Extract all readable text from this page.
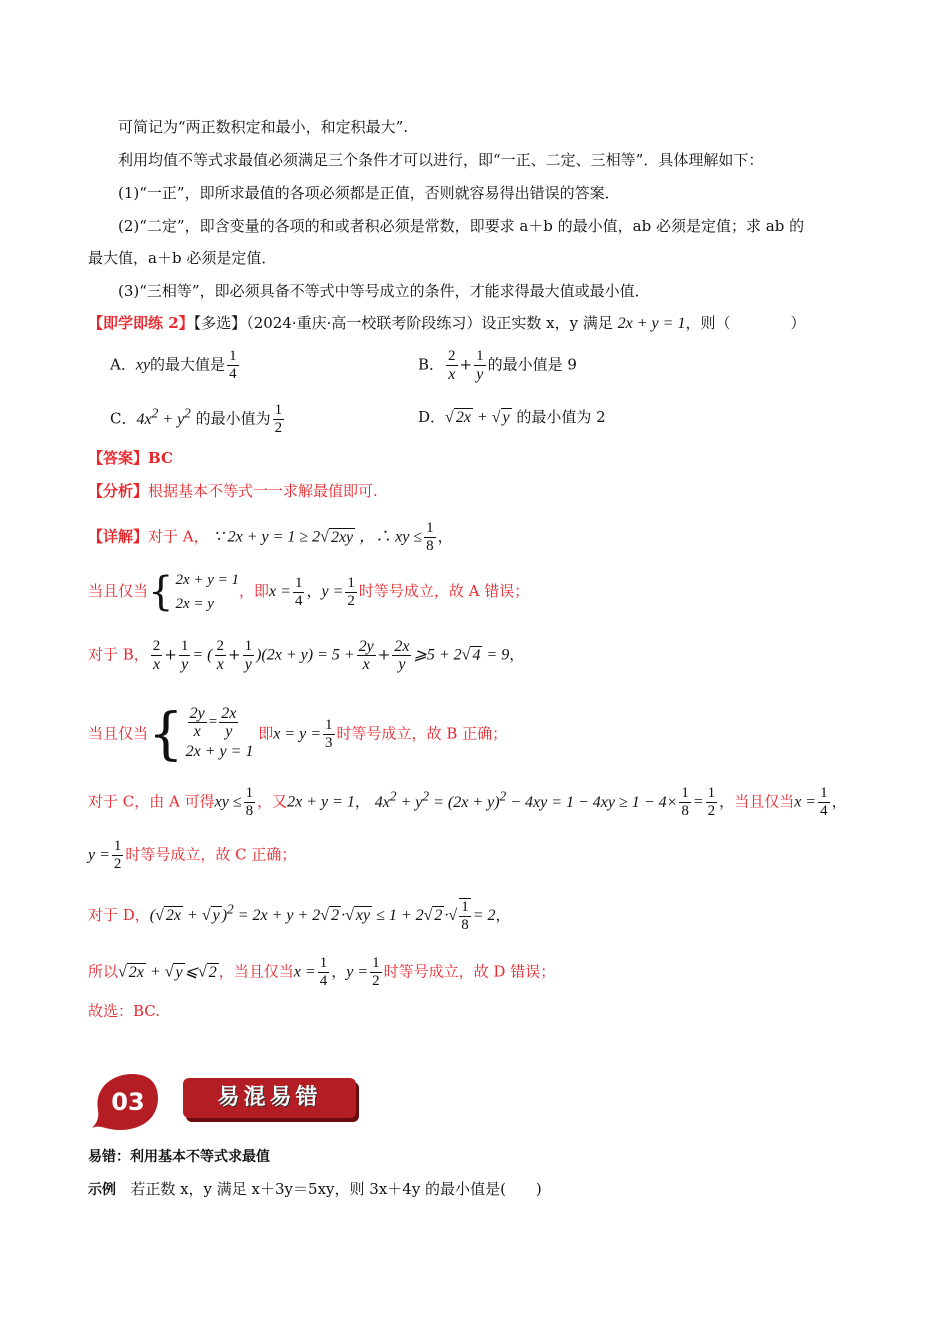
可简记为“两正数积定和最小，和定积最大”.
利用均值不等式求最值必须满足三个条件才可以进行，即“一正、二定、三相等”．具体理解如下：
(1)“一正”，即所求最值的各项必须都是正值，否则就容易得出错误的答案．
(2)“二定”，即含变量的各项的和或者积必须是常数，即要求 a＋b 的最小值，ab 必须是定值；求 ab 的
最大值，a＋b 必须是定值．
(3)“三相等”，即必须具备不等式中等号成立的条件，才能求得最大值或最小值．
【即学即练 2】【多选】（2024·重庆·高一校联考阶段练习）设正实数 x，y 满足 2x + y = 1，则（　　　　）
A．xy的最大值是 $\frac{1}{4}$	B． $\frac{2}{x} + \frac{1}{y}$ 的最小值是 9
C．$4x^2 + y^2$ 的最小值为 $\frac{1}{2}$	D．√ 2x + √ y 的最小值为 2
【答案】BC
【分析】根据基本不等式一一求解最值即可.
【详解】对于 A， ∵ 2x + y = 1 ≥ 2√ 2xy ，∴ xy ≤ $\frac{1}{8}$ ，
当且仅当{ 2x + y = 1
2x = y
，即$x = \frac{1}{4}$ ，$y = \frac{1}{2}$ 时等号成立，故 A 错误；
对于 B， $\frac{2}{x} + \frac{1}{y}$ = ( $\frac{2}{x} + \frac{1}{y} )(2x + y) = 5 + \frac{2y}{x} + \frac{2x}{y}$ ⩾5 + 2√ 4 = 9，
当且仅当{ $\frac{2y}{x} = \frac{2x}{y}$
2x + y = 1
即$x = y = \frac{1}{3}$ 时等号成立，故 B 正确；
对于 C，由 A 可得xy ≤ $\frac{1}{8}$ ，又2x + y = 1， $4x^2 + y^2 = (2x + y)^2 - 4xy = 1 - 4xy \ge 1 - 4\times \frac{1}{8} = \frac{1}{2}$ ，当且仅当$x = \frac{1}{4}$ ，
$y = \frac{1}{2}$ 时等号成立，故 C 正确；
对于 D，(√ 2x + √ y )$^2$ = 2x + y + 2√ 2 ·√ xy ≤ 1 + 2√ 2 ·√ $\frac{1}{8} = 2$，
所以√ 2x + √ y ⩽√ 2 ，当且仅当$x = \frac{1}{4}$ ，$y = \frac{1}{2}$ 时等号成立，故 D 错误；
故选：BC.
03	易混易错
易错：利用基本不等式求最值
示例 若正数 x，y 满足 x＋3y＝5xy，则 3x＋4y 的最小值是(　　)
